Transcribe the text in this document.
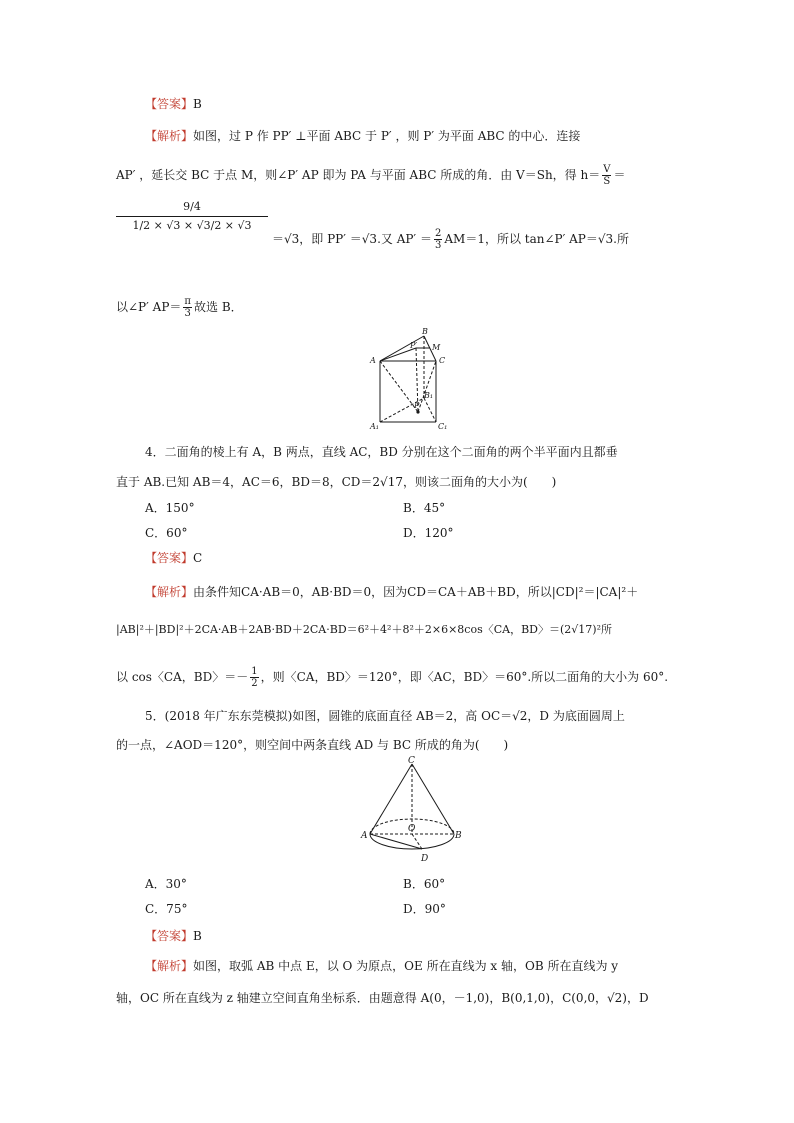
【答案】B
【解析】如图，过 P 作 PP′ ⊥平面 ABC 于 P′ ，则 P′ 为平面 ABC 的中心．连接
AP′ ，延长交 BC 于点 M，则∠P′ AP 即为 PA 与平面 ABC 所成的角．由 V＝Sh，得 $h= \frac{V}{S}$ ＝
9/4
1/2 × √3 × √3/2 × √3
＝√3，即 PP′ ＝√3.又 $AP' = \frac{2}{3} AM=1$，所以 tan∠P′ AP＝√3.所
以∠P′ $AP= \frac{\pi}{3}$ 故选 B．
A
B
C
P′ M
B₁
P
A₁	C₁
4．二面角的棱上有 A，B 两点，直线 AC，BD 分别在这个二面角的两个半平面内且都垂
直于 AB.已知 AB＝4，AC＝6，BD＝8，CD＝2√17，则该二面角的大小为(　　)
A．150°	B．45°
C．60°	D．120°
【答案】C
【解析】由条件知CA·AB＝0，AB·BD＝0，因为CD＝CA＋AB＋BD，所以|CD|²＝|CA|²＋
|AB|²＋|BD|²＋2CA·AB＋2AB·BD＋2CA·BD＝6²＋4²＋8²＋2×6×8cos〈CA，BD〉＝(2√17)²所
以 cos〈CA，BD〉＝－ $\frac{1}{2}$ ，则〈CA，BD〉＝120°，即〈AC，BD〉＝60°.所以二面角的大小为 60°.
5．(2018 年广东东莞模拟)如图，圆锥的底面直径 AB＝2，高 OC＝√2，D 为底面圆周上
的一点，∠AOD＝120°，则空间中两条直线 AD 与 BC 所成的角为(　　)
C
A
O
B
D
A．30°	B．60°
C．75°	D．90°
【答案】B
【解析】如图，取弧 AB 中点 E，以 O 为原点，OE 所在直线为 x 轴，OB 所在直线为 y
轴，OC 所在直线为 z 轴建立空间直角坐标系．由题意得 A(0，－1,0)，B(0,1,0)，C(0,0，√2)，D
